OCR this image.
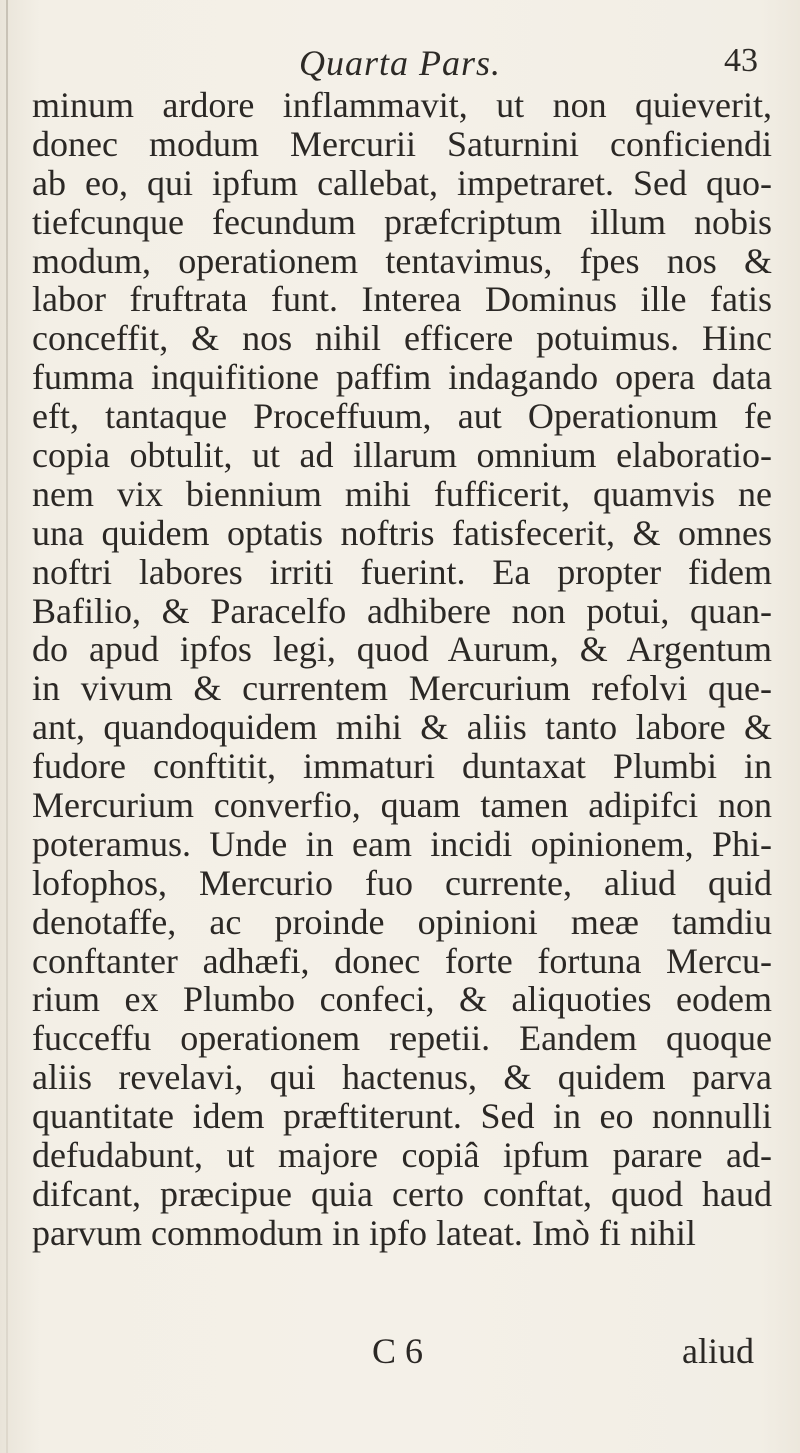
Quarta Pars.	43
minum ardore inflammavit, ut non quieverit,
donec modum Mercurii Saturnini conficiendi
ab eo, qui ipfum callebat, impetraret. Sed quo-
tiefcunque fecundum præfcriptum illum nobis
modum, operationem tentavimus, fpes nos &
labor fruftrata funt. Interea Dominus ille fatis
conceffit, & nos nihil efficere potuimus. Hinc
fumma inquifitione paffim indagando opera data
eft, tantaque Proceffuum, aut Operationum fe
copia obtulit, ut ad illarum omnium elaboratio-
nem vix biennium mihi fufficerit, quamvis ne
una quidem optatis noftris fatisfecerit, & omnes
noftri labores irriti fuerint. Ea propter fidem
Bafilio, & Paracelfo adhibere non potui, quan-
do apud ipfos legi, quod Aurum, & Argentum
in vivum & currentem Mercurium refolvi que-
ant, quandoquidem mihi & aliis tanto labore &
fudore conftitit, immaturi duntaxat Plumbi in
Mercurium converfio, quam tamen adipifci non
poteramus. Unde in eam incidi opinionem, Phi-
lofophos, Mercurio fuo currente, aliud quid
denotaffe, ac proinde opinioni meæ tamdiu
conftanter adhæfi, donec forte fortuna Mercu-
rium ex Plumbo confeci, & aliquoties eodem
fucceffu operationem repetii. Eandem quoque
aliis revelavi, qui hactenus, & quidem parva
quantitate idem præftiterunt. Sed in eo nonnulli
defudabunt, ut majore copiâ ipfum parare ad-
difcant, præcipue quia certo conftat, quod haud
parvum commodum in ipfo lateat. Imò fi nihil
C 6	aliud
